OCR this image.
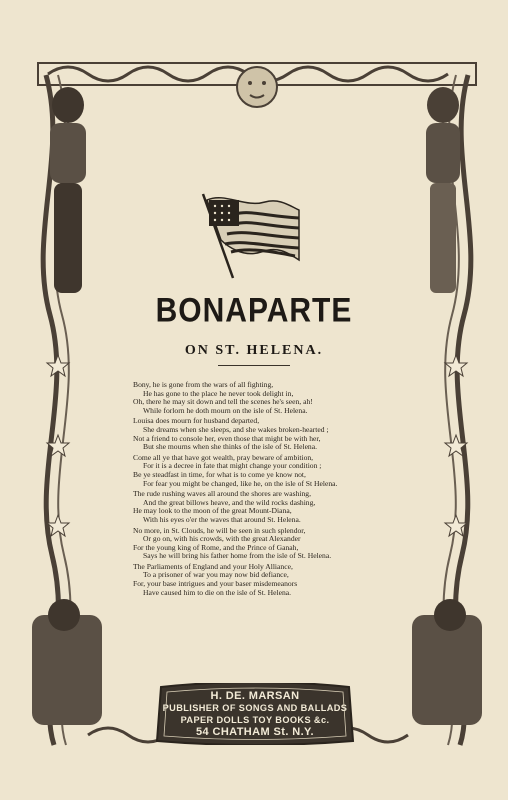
BONAPARTE
ON ST. HELENA.
Bony, he is gone from the wars of all fighting,
He has gone to the place he never took delight in,
Oh, there he may sit down and tell the scenes he's seen, ah!
While forlorn he doth mourn on the isle of St. Helena.
Louisa does mourn for husband departed,
She dreams when she sleeps, and she wakes broken-hearted ;
Not a friend to console her, even those that might be with her,
But she mourns when she thinks of the isle of St. Helena.
Come all ye that have got wealth, pray beware of ambition,
For it is a decree in fate that might change your condition ;
Be ye steadfast in time, for what is to come ye know not,
For fear you might be changed, like he, on the isle of St Helena.
The rude rushing waves all around the shores are washing,
And the great billows heave, and the wild rocks dashing,
He may look to the moon of the great Mount-Diana,
With his eyes o'er the waves that around St. Helena.
No more, in St. Clouds, he will be seen in such splendor,
Or go on, with his crowds, with the great Alexander
For the young king of Rome, and the Prince of Ganah,
Says he will bring his father home from the isle of St. Helena.
The Parliaments of England and your Holy Alliance,
To a prisoner of war you may now bid defiance,
For, your base intrigues and your baser misdemeanors
Have caused him to die on the isle of St. Helena.
H. DE. MARSAN
PUBLISHER OF SONGS AND BALLADS
PAPER DOLLS TOY BOOKS &c.
54 CHATHAM St. N.Y.
